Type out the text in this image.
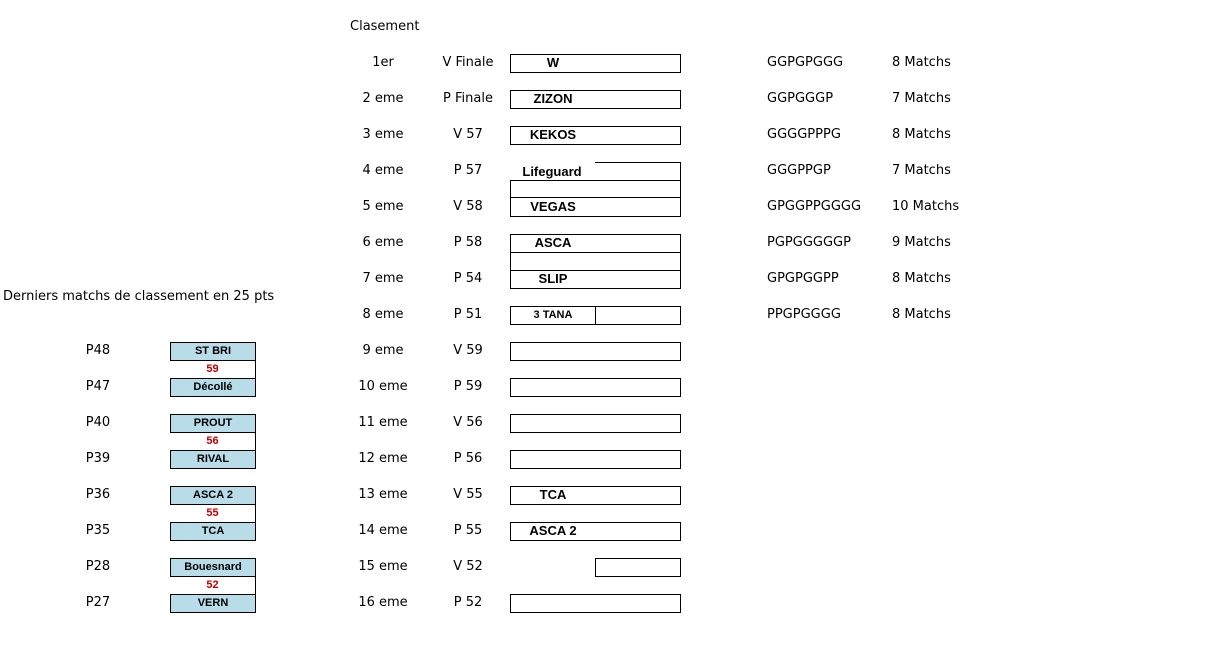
Clasement
Derniers matchs de classement en 25 pts
1er	V Finale	W	GGPGPGGG	8 Matchs
2 eme	P Finale	ZIZON	GGPGGGP	7 Matchs
3 eme	V 57	KEKOS	GGGGPPPG	8 Matchs
4 eme	P 57	Lifeguard	GGGPPGP	7 Matchs
5 eme	V 58	VEGAS	GPGGPPGGGG 10 Matchs
6 eme	P 58	ASCA	PGPGGGGGP	9 Matchs
7 eme	P 54	SLIP	GPGPGGPP	8 Matchs
8 eme	P 51	3 TANA	PPGPGGGG	8 Matchs
9 eme	V 59
10 eme	P 59
11 eme	V 56
12 eme	P 56
13 eme	V 55	TCA
14 eme	P 55	ASCA 2
15 eme	V 52
16 eme	P 52
P48	ST BRI
59
P47	Décollé
P40	PROUT
56
P39	RIVAL
P36	ASCA 2
55
P35	TCA
P28	Bouesnard
52
P27	VERN
